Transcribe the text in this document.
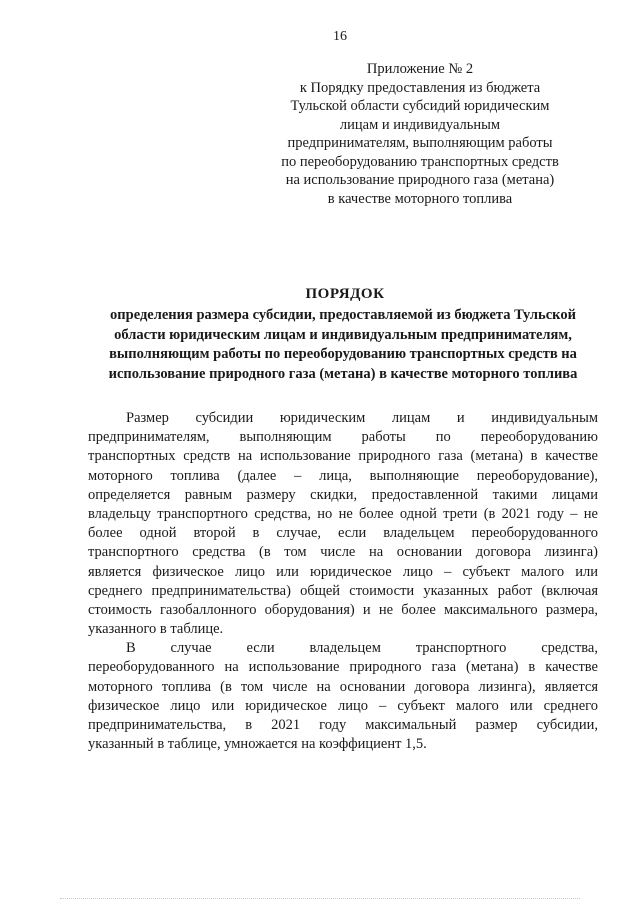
16
Приложение № 2
к Порядку предоставления из бюджета
Тульской области субсидий юридическим
лицам и индивидуальным
предпринимателям, выполняющим работы
по переоборудованию транспортных средств
на использование природного газа (метана)
в качестве моторного топлива
ПОРЯДОК
определения размера субсидии, предоставляемой из бюджета Тульской
области юридическим лицам и индивидуальным предпринимателям,
выполняющим работы по переоборудованию транспортных средств на
использование природного газа (метана) в качестве моторного топлива
Размер субсидии юридическим лицам и индивидуальным
предпринимателям, выполняющим работы по переоборудованию
транспортных средств на использование природного газа (метана) в качестве
моторного топлива (далее – лица, выполняющие переоборудование),
определяется равным размеру скидки, предоставленной такими лицами
владельцу транспортного средства, но не более одной трети (в 2021 году – не
более одной второй в случае, если владельцем переоборудованного
транспортного средства (в том числе на основании договора лизинга)
является физическое лицо или юридическое лицо – субъект малого или
среднего предпринимательства) общей стоимости указанных работ (включая
стоимость газобаллонного оборудования) и не более максимального размера,
указанного в таблице.
В случае если владельцем транспортного средства,
переоборудованного на использование природного газа (метана) в качестве
моторного топлива (в том числе на основании договора лизинга), является
физическое лицо или юридическое лицо – субъект малого или среднего
предпринимательства, в 2021 году максимальный размер субсидии,
указанный в таблице, умножается на коэффициент 1,5.
